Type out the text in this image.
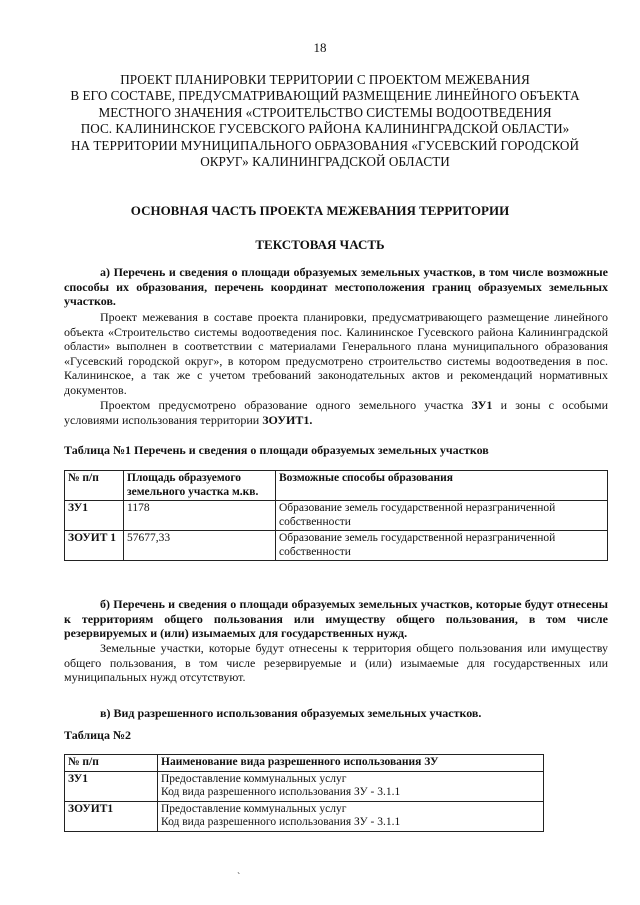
18
ПРОЕКТ ПЛАНИРОВКИ ТЕРРИТОРИИ С ПРОЕКТОМ МЕЖЕВАНИЯ
В ЕГО СОСТАВЕ, ПРЕДУСМАТРИВАЮЩИЙ РАЗМЕЩЕНИЕ ЛИНЕЙНОГО ОБЪЕКТА
МЕСТНОГО ЗНАЧЕНИЯ «СТРОИТЕЛЬСТВО СИСТЕМЫ ВОДООТВЕДЕНИЯ
ПОС. КАЛИНИНСКОЕ ГУСЕВСКОГО РАЙОНА КАЛИНИНГРАДСКОЙ ОБЛАСТИ»
НА ТЕРРИТОРИИ МУНИЦИПАЛЬНОГО ОБРАЗОВАНИЯ «ГУСЕВСКИЙ ГОРОДСКОЙ
ОКРУГ» КАЛИНИНГРАДСКОЙ ОБЛАСТИ
ОСНОВНАЯ ЧАСТЬ ПРОЕКТА МЕЖЕВАНИЯ ТЕРРИТОРИИ
ТЕКСТОВАЯ ЧАСТЬ
а) Перечень и сведения о площади образуемых земельных участков, в том числе возможные способы их образования, перечень координат местоположения границ образуемых земельных участков.
Проект межевания в составе проекта планировки, предусматривающего размещение линейного объекта «Строительство системы водоотведения пос. Калининское Гусевского района Калининградской области» выполнен в соответствии с материалами Генерального плана муниципального образования «Гусевский городской округ», в котором предусмотрено строительство системы водоотведения в пос. Калининское, а так же с учетом требований законодательных актов и рекомендаций нормативных документов.
Проектом предусмотрено образование одного земельного участка ЗУ1 и зоны с особыми условиями использования территории ЗОУИТ1.
Таблица №1 Перечень и сведения о площади образуемых земельных участков
№ п/п	Площадь образуемого земельного участка м.кв.	Возможные способы образования
ЗУ1	1178	Образование земель государственной неразграниченной собственности
ЗОУИТ 1	57677,33	Образование земель государственной неразграниченной собственности
б) Перечень и сведения о площади образуемых земельных участков, которые будут отнесены к территориям общего пользования или имуществу общего пользования, в том числе резервируемых и (или) изымаемых для государственных нужд.
Земельные участки, которые будут отнесены к территория общего пользования или имуществу общего пользования, в том числе резервируемые и (или) изымаемые для государственных или муниципальных нужд отсутствуют.
в) Вид разрешенного использования образуемых земельных участков.
Таблица №2
№ п/п	Наименование вида разрешенного использования ЗУ
ЗУ1	Предоставление коммунальных услуг
Код вида разрешенного использования ЗУ - 3.1.1

ЗОУИТ1	Предоставление коммунальных услуг
Код вида разрешенного использования ЗУ - 3.1.1
`
